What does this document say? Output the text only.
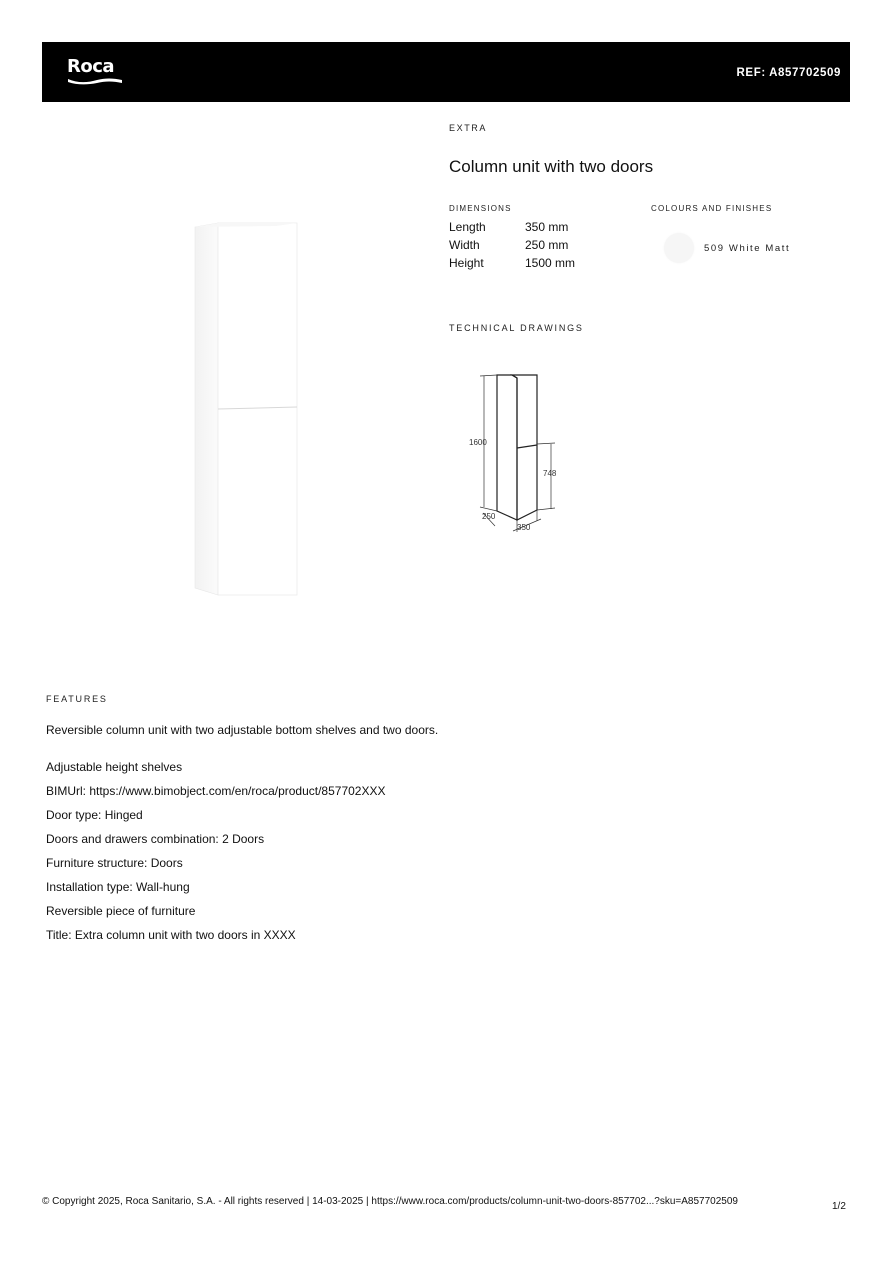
Roca	REF: A857702509
EXTRA
Column unit with two doors
DIMENSIONS
Length	350 mm
Width	250 mm
Height	1500 mm
COLOURS AND FINISHES
509 White Matt
TECHNICAL DRAWINGS
1600
748
250
350
FEATURES
Reversible column unit with two adjustable bottom shelves and two doors.
Adjustable height shelves
BIMUrl: https://www.bimobject.com/en/roca/product/857702XXX
Door type: Hinged
Doors and drawers combination: 2 Doors
Furniture structure: Doors
Installation type: Wall-hung
Reversible piece of furniture
Title: Extra column unit with two doors in XXXX
© Copyright 2025, Roca Sanitario, S.A. - All rights reserved | 14-03-2025 | https://www.roca.com/products/column-unit-two-doors-857702...?sku=A857702509	1/2
